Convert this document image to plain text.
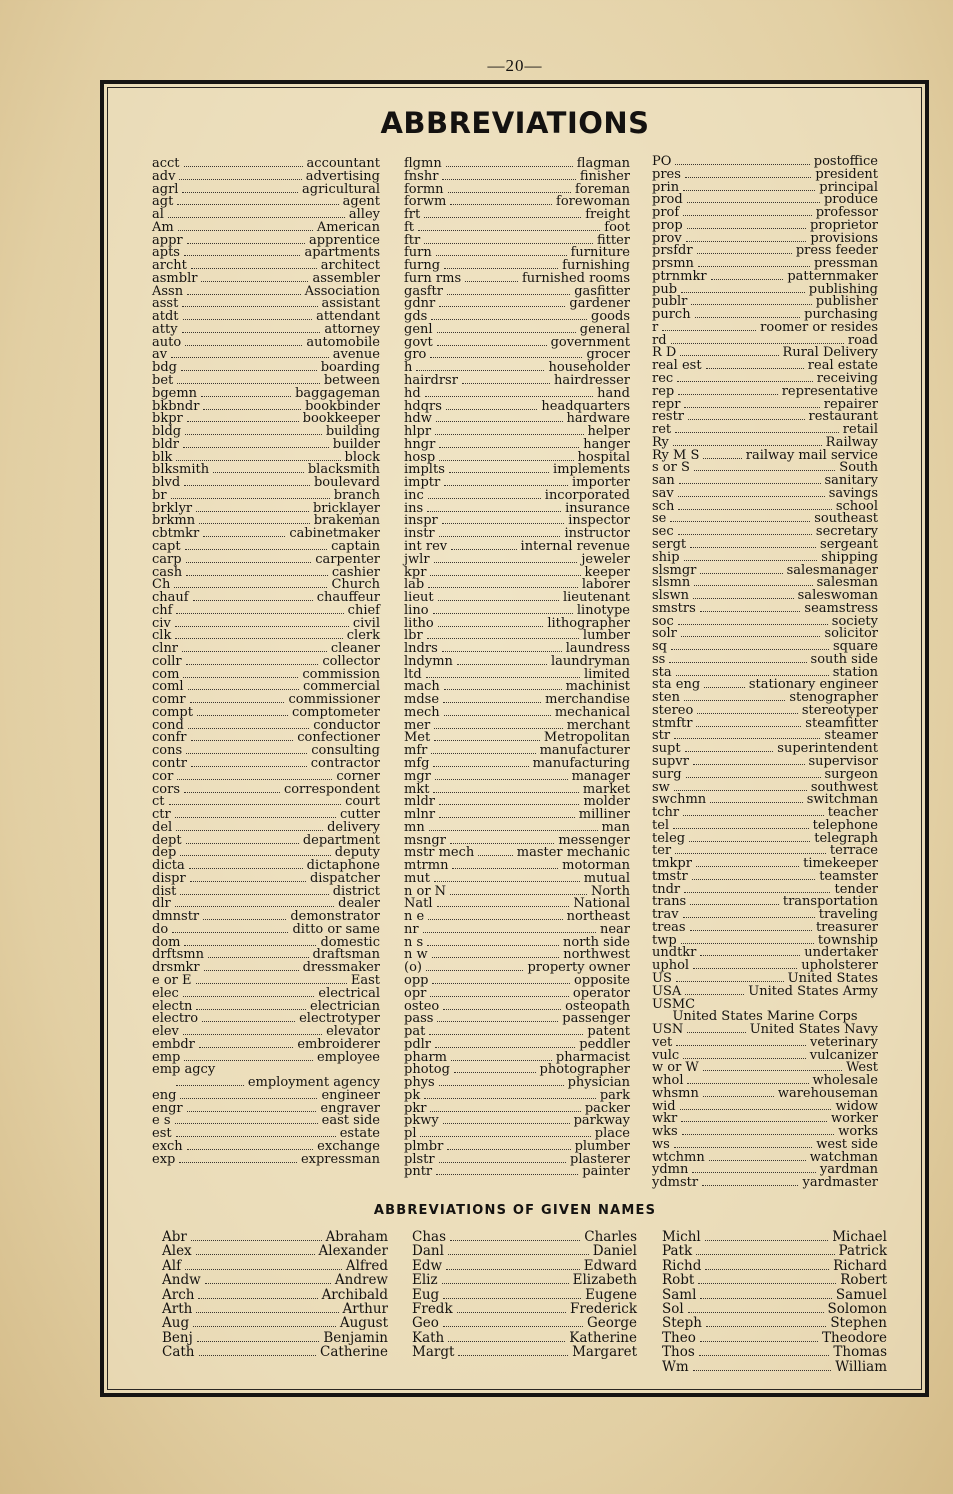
—20—
ABBREVIATIONS
acct	accountant
adv	advertising
agrl	agricultural
agt	agent
al	alley
Am	American
appr	apprentice
apts	apartments
archt	architect
asmblr	assembler
Assn	Association
asst	assistant
atdt	attendant
atty	attorney
auto	automobile
av	avenue
bdg	boarding
bet	between
bgemn	baggageman
bkbndr	bookbinder
bkpr	bookkeeper
bldg	building
bldr	builder
blk	block
blksmith	blacksmith
blvd	boulevard
br	branch
brklyr	bricklayer
brkmn	brakeman
cbtmkr	cabinetmaker
capt	captain
carp	carpenter
cash	cashier
Ch	Church
chauf	chauffeur
chf	chief
civ	civil
clk	clerk
clnr	cleaner
collr	collector
com	commission
coml	commercial
comr	commissioner
compt	comptometer
cond	conductor
confr	confectioner
cons	consulting
contr	contractor
cor	corner
cors	correspondent
ct	court
ctr	cutter
del	delivery
dept	department
dep	deputy
dicta	dictaphone
dispr	dispatcher
dist	district
dlr	dealer
dmnstr	demonstrator
do	ditto or same
dom	domestic
drftsmn	draftsman
drsmkr	dressmaker
e or E	East
elec	electrical
electn	electrician
electro	electrotyper
elev	elevator
embdr	embroiderer
emp	employee
emp agcy
employment agency
eng	engineer
engr	engraver
e s	east side
est	estate
exch	exchange
exp	expressman
flgmn	flagman
fnshr	finisher
formn	foreman
forwm	forewoman
frt	freight
ft	foot
ftr	fitter
furn	furniture
furng	furnishing
furn rms	furnished rooms
gasftr	gasfitter
gdnr	gardener
gds	goods
genl	general
govt	government
gro	grocer
h	householder
hairdrsr	hairdresser
hd	hand
hdqrs	headquarters
hdw	hardware
hlpr	helper
hngr	hanger
hosp	hospital
implts	implements
imptr	importer
inc	incorporated
ins	insurance
inspr	inspector
instr	instructor
int rev	internal revenue
jwlr	jeweler
kpr	keeper
lab	laborer
lieut	lieutenant
lino	linotype
litho	lithographer
lbr	lumber
lndrs	laundress
lndymn	laundryman
ltd	limited
mach	machinist
mdse	merchandise
mech	mechanical
mer	merchant
Met	Metropolitan
mfr	manufacturer
mfg	manufacturing
mgr	manager
mkt	market
mldr	molder
mlnr	milliner
mn	man
msngr	messenger
mstr mech	master mechanic
mtrmn	motorman
mut	mutual
n or N	North
Natl	National
n e	northeast
nr	near
n s	north side
n w	northwest
(o)	property owner
opp	opposite
opr	operator
osteo	osteopath
pass	passenger
pat	patent
pdlr	peddler
pharm	pharmacist
photog	photographer
phys	physician
pk	park
pkr	packer
pkwy	parkway
pl	place
plmbr	plumber
plstr	plasterer
pntr	painter
PO	postoffice
pres	president
prin	principal
prod	produce
prof	professor
prop	proprietor
prov	provisions
prsfdr	press feeder
prsmn	pressman
ptrnmkr	patternmaker
pub	publishing
publr	publisher
purch	purchasing
r	roomer or resides
rd	road
R D	Rural Delivery
real est	real estate
rec	receiving
rep	representative
repr	repairer
restr	restaurant
ret	retail
Ry	Railway
Ry M S	railway mail service
s or S	South
san	sanitary
sav	savings
sch	school
se	southeast
sec	secretary
sergt	sergeant
ship	shipping
slsmgr	salesmanager
slsmn	salesman
slswn	saleswoman
smstrs	seamstress
soc	society
solr	solicitor
sq	square
ss	south side
sta	station
sta eng	stationary engineer
sten	stenographer
stereo	stereotyper
stmftr	steamfitter
str	steamer
supt	superintendent
supvr	supervisor
surg	surgeon
sw	southwest
swchmn	switchman
tchr	teacher
tel	telephone
teleg	telegraph
ter	terrace
tmkpr	timekeeper
tmstr	teamster
tndr	tender
trans	transportation
trav	traveling
treas	treasurer
twp	township
undtkr	undertaker
uphol	upholsterer
US	United States
USA	United States Army
USMC
United States Marine Corps
USN	United States Navy
vet	veterinary
vulc	vulcanizer
w or W	West
whol	wholesale
whsmn	warehouseman
wid	widow
wkr	worker
wks	works
ws	west side
wtchmn	watchman
ydmn	yardman
ydmstr	yardmaster
ABBREVIATIONS OF GIVEN NAMES
Abr	Abraham
Alex	Alexander
Alf	Alfred
Andw	Andrew
Arch	Archibald
Arth	Arthur
Aug	August
Benj	Benjamin
Cath	Catherine
Chas	Charles
Danl	Daniel
Edw	Edward
Eliz	Elizabeth
Eug	Eugene
Fredk	Frederick
Geo	George
Kath	Katherine
Margt	Margaret
Michl	Michael
Patk	Patrick
Richd	Richard
Robt	Robert
Saml	Samuel
Sol	Solomon
Steph	Stephen
Theo	Theodore
Thos	Thomas
Wm	William
